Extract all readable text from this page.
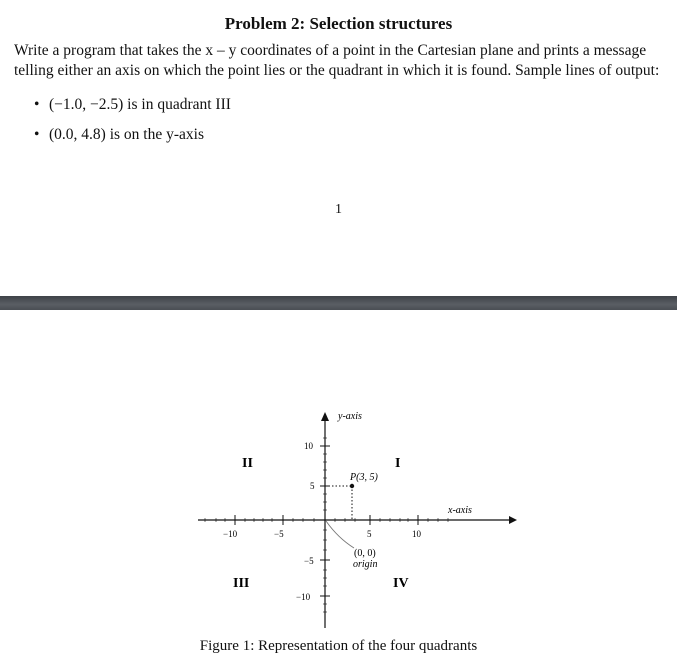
Problem 2: Selection structures
Write a program that takes the x – y coordinates of a point in the Cartesian plane and prints a message telling either an axis on which the point lies or the quadrant in which it is found. Sample lines of output:
• (−1.0, −2.5) is in quadrant III
• (0.0, 4.8) is on the y-axis
1
y-axis
x-axis
II	I
III	IV
P(3, 5)
(0, 0)
origin
−10	−5	5	10
10
5
−5
−10
Figure 1: Representation of the four quadrants
